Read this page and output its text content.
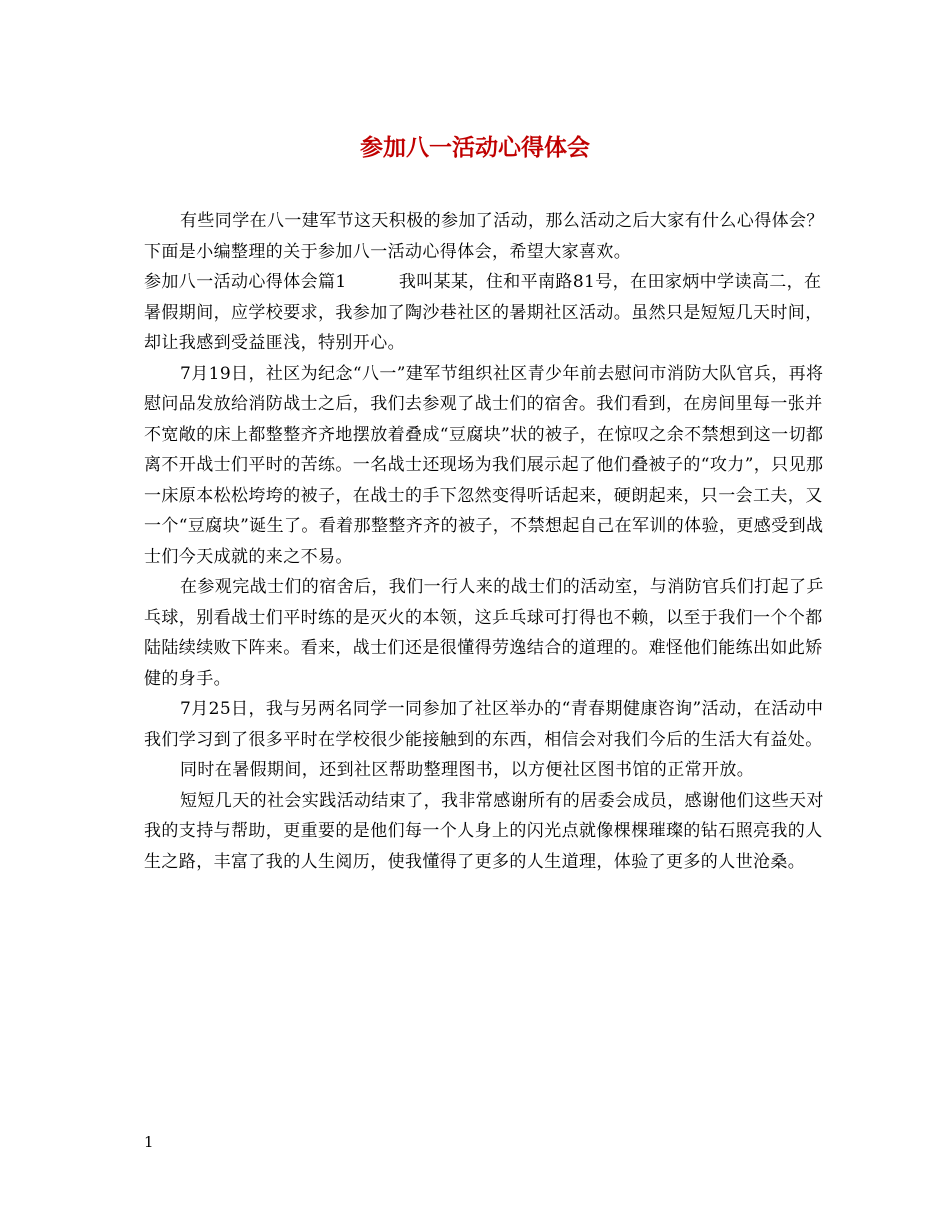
参加八一活动心得体会

有些同学在八一建军节这天积极的参加了活动，那么活动之后大家有什么心得体会？下面是小编整理的关于参加八一活动心得体会，希望大家喜欢。

参加八一活动心得体会篇1　　　我叫某某，住和平南路81号，在田家炳中学读高二，在暑假期间，应学校要求，我参加了陶沙巷社区的暑期社区活动。虽然只是短短几天时间，却让我感到受益匪浅，特别开心。

7月19日，社区为纪念“八一”建军节组织社区青少年前去慰问市消防大队官兵，再将慰问品发放给消防战士之后，我们去参观了战士们的宿舍。我们看到，在房间里每一张并不宽敞的床上都整整齐齐地摆放着叠成“豆腐块”状的被子，在惊叹之余不禁想到这一切都离不开战士们平时的苦练。一名战士还现场为我们展示起了他们叠被子的“攻力”，只见那一床原本松松垮垮的被子，在战士的手下忽然变得听话起来，硬朗起来，只一会工夫，又一个“豆腐块”诞生了。看着那整整齐齐的被子，不禁想起自己在军训的体验，更感受到战士们今天成就的来之不易。

在参观完战士们的宿舍后，我们一行人来的战士们的活动室，与消防官兵们打起了乒乓球，别看战士们平时练的是灭火的本领，这乒乓球可打得也不赖，以至于我们一个个都陆陆续续败下阵来。看来，战士们还是很懂得劳逸结合的道理的。难怪他们能练出如此矫健的身手。

7月25日，我与另两名同学一同参加了社区举办的“青春期健康咨询”活动，在活动中我们学习到了很多平时在学校很少能接触到的东西，相信会对我们今后的生活大有益处。

同时在暑假期间，还到社区帮助整理图书，以方便社区图书馆的正常开放。

短短几天的社会实践活动结束了，我非常感谢所有的居委会成员，感谢他们这些天对我的支持与帮助，更重要的是他们每一个人身上的闪光点就像棵棵璀璨的钻石照亮我的人生之路，丰富了我的人生阅历，使我懂得了更多的人生道理，体验了更多的人世沧桑。

1
